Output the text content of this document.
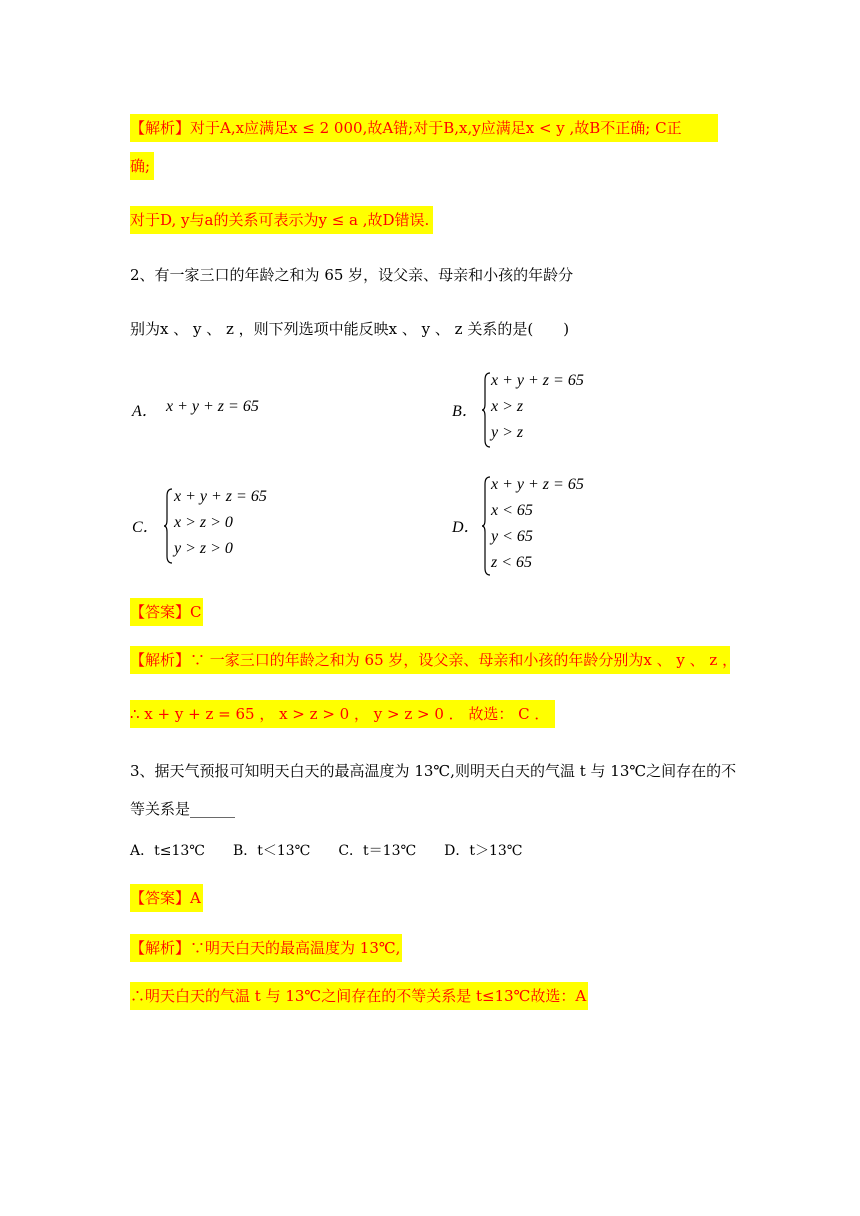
【解析】对于A,x应满足x ≤ 2 000,故A错;对于B,x,y应满足x < y ,故B不正确; C正
确;
对于D, y与a的关系可表示为y ≤ a ,故D错误.
2、有一家三口的年龄之和为 65 岁，设父亲、母亲和小孩的年龄分
别为x 、 y 、 z ，则下列选项中能反映x 、 y 、 z 关系的是(　　)
A． x + y + z = 65	B．
x + y + z = 65
x > z
y > z
C．
x + y + z = 65
x > z > 0
y > z > 0
D．
x + y + z = 65
x < 65
y < 65
z < 65
【答案】C
【解析】∵ 一家三口的年龄之和为 65 岁，设父亲、母亲和小孩的年龄分别为x 、 y 、 z ，
∴ x + y + z = 65 ， x > z > 0 ， y > z > 0 ． 故选： C ．
3、据天气预报可知明天白天的最高温度为 13℃,则明天白天的气温 t 与 13℃之间存在的不
等关系是______
A．t≤13℃　　B．t＜13℃　　C．t＝13℃　　D．t＞13℃
【答案】A
【解析】∵明天白天的最高温度为 13℃,
∴明天白天的气温 t 与 13℃之间存在的不等关系是 t≤13℃故选：A
